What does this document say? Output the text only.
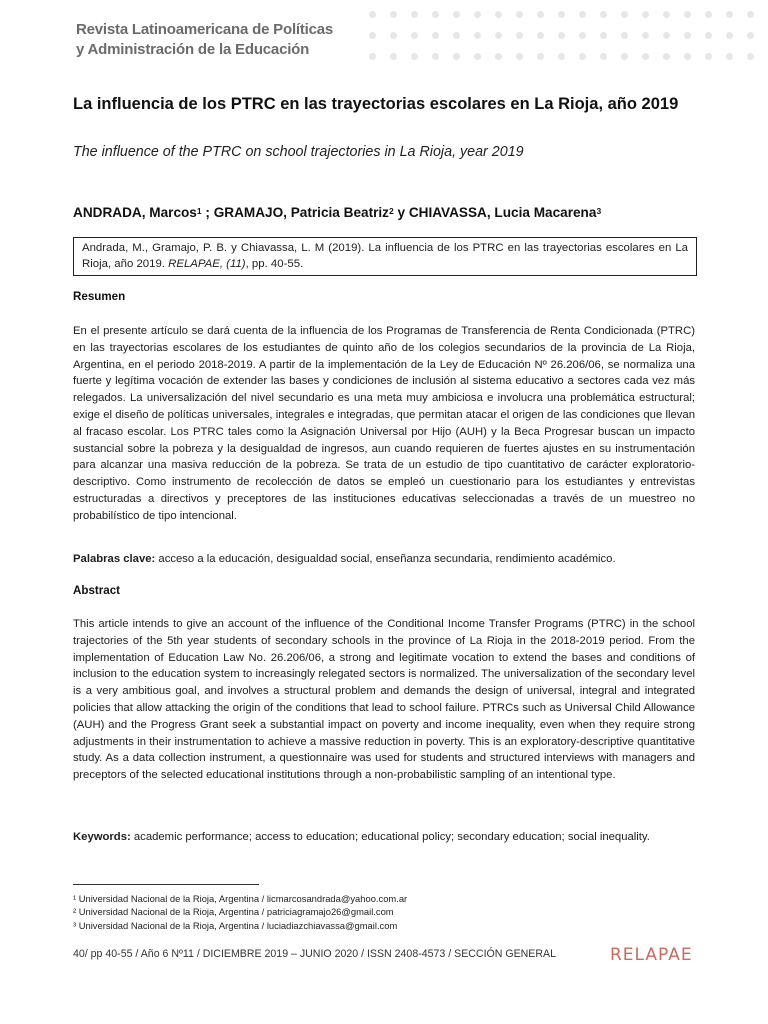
Revista Latinoamericana de Políticas
y Administración de la Educación
La influencia de los PTRC en las trayectorias escolares en La Rioja, año 2019
The influence of the PTRC on school trajectories in La Rioja, year 2019
ANDRADA, Marcos$^1$ ; GRAMAJO, Patricia Beatriz$^2$ y CHIAVASSA, Lucia Macarena$^3$
Andrada, M., Gramajo, P. B. y Chiavassa, L. M (2019). La influencia de los PTRC en las trayectorias escolares en La Rioja, año 2019. RELAPAE, (11), pp. 40-55.
Resumen
En el presente artículo se dará cuenta de la influencia de los Programas de Transferencia de Renta Condicionada (PTRC) en las trayectorias escolares de los estudiantes de quinto año de los colegios secundarios de la provincia de La Rioja, Argentina, en el periodo 2018-2019. A partir de la implementación de la Ley de Educación Nº 26.206/06, se normaliza una fuerte y legítima vocación de extender las bases y condiciones de inclusión al sistema educativo a sectores cada vez más relegados. La universalización del nivel secundario es una meta muy ambiciosa e involucra una problemática estructural; exige el diseño de políticas universales, integrales e integradas, que permitan atacar el origen de las condiciones que llevan al fracaso escolar. Los PTRC tales como la Asignación Universal por Hijo (AUH) y la Beca Progresar buscan un impacto sustancial sobre la pobreza y la desigualdad de ingresos, aun cuando requieren de fuertes ajustes en su instrumentación para alcanzar una masiva reducción de la pobreza. Se trata de un estudio de tipo cuantitativo de carácter exploratorio-descriptivo. Como instrumento de recolección de datos se empleó un cuestionario para los estudiantes y entrevistas estructuradas a directivos y preceptores de las instituciones educativas seleccionadas a través de un muestreo no probabilístico de tipo intencional.
Palabras clave: acceso a la educación, desigualdad social, enseñanza secundaria, rendimiento académico.
Abstract
This article intends to give an account of the influence of the Conditional Income Transfer Programs (PTRC) in the school trajectories of the 5th year students of secondary schools in the province of La Rioja in the 2018-2019 period. From the implementation of Education Law No. 26.206/06, a strong and legitimate vocation to extend the bases and conditions of inclusion to the education system to increasingly relegated sectors is normalized. The universalization of the secondary level is a very ambitious goal, and involves a structural problem and demands the design of universal, integral and integrated policies that allow attacking the origin of the conditions that lead to school failure. PTRCs such as Universal Child Allowance (AUH) and the Progress Grant seek a substantial impact on poverty and income inequality, even when they require strong adjustments in their instrumentation to achieve a massive reduction in poverty. This is an exploratory-descriptive quantitative study. As a data collection instrument, a questionnaire was used for students and structured interviews with managers and preceptors of the selected educational institutions through a non-probabilistic sampling of an intentional type.
Keywords: academic performance; access to education; educational policy; secondary education; social inequality.
¹ Universidad Nacional de la Rioja, Argentina / licmarcosandrada@yahoo.com.ar
² Universidad Nacional de la Rioja, Argentina / patriciagramajo26@gmail.com
³ Universidad Nacional de la Rioja, Argentina / luciadiazchiavassa@gmail.com
40/ pp 40-55 / Año 6 Nº11 / DICIEMBRE 2019 – JUNIO 2020 / ISSN 2408-4573 / SECCIÓN GENERAL	RELAPAE
